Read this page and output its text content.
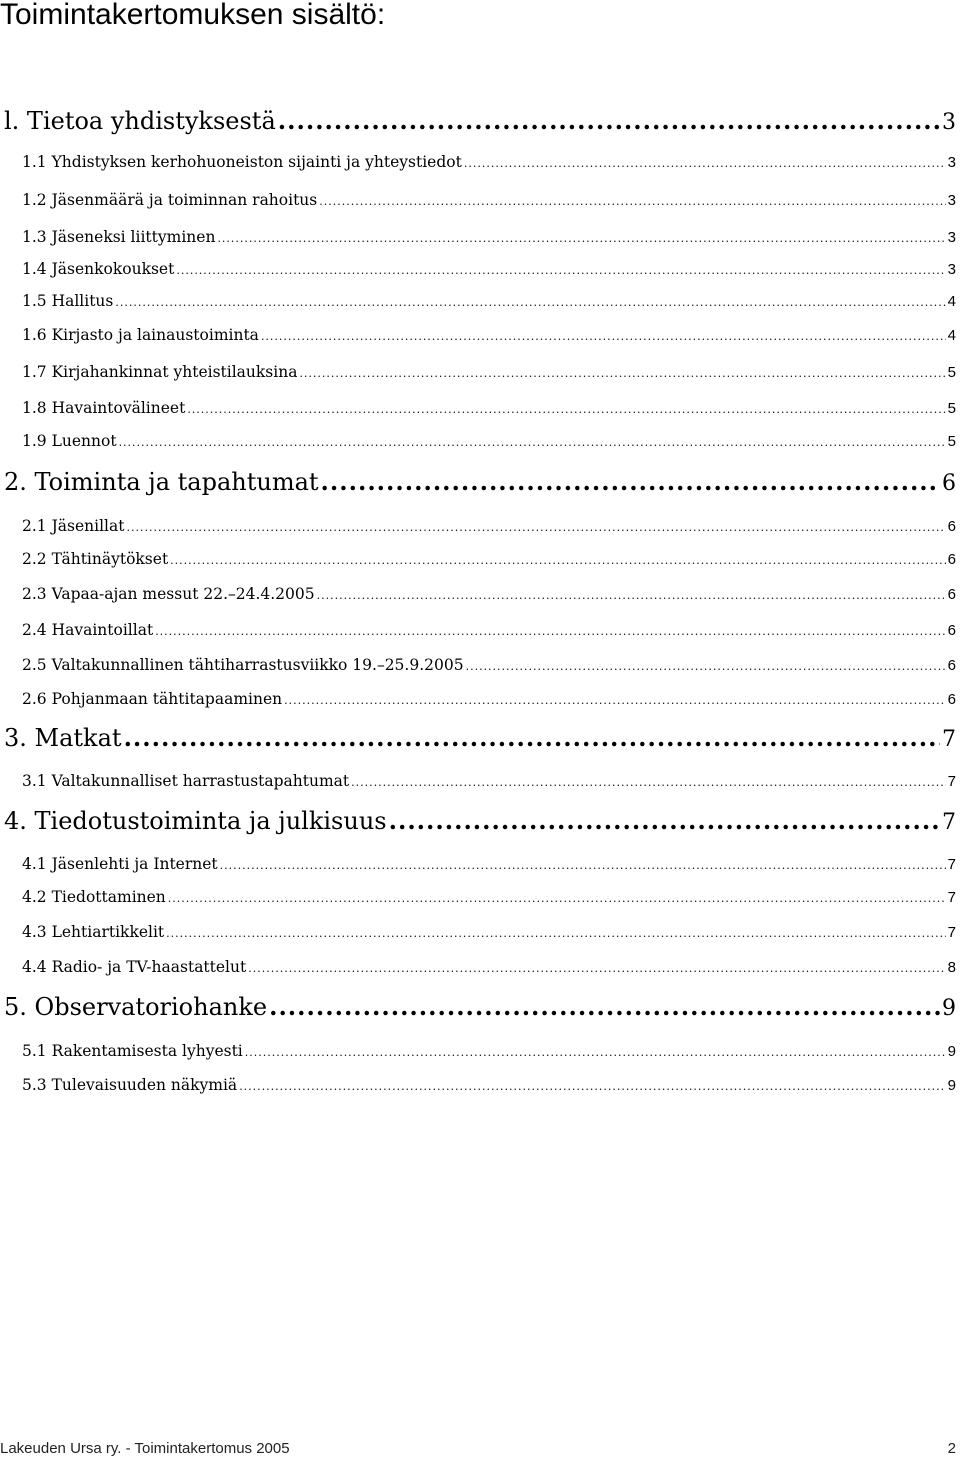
Toimintakertomuksen sisältö:
l. Tietoa yhdistyksestä .....	3
1.1 Yhdistyksen kerhohuoneiston sijainti ja yhteystiedot .....	3
1.2 Jäsenmäärä ja toiminnan rahoitus .....	3
1.3 Jäseneksi liittyminen .....	3
1.4 Jäsenkokoukset .....	3
1.5 Hallitus .....	4
1.6 Kirjasto ja lainaustoiminta .....	4
1.7 Kirjahankinnat yhteistilauksina .....	5
1.8 Havaintovälineet .....	5
1.9 Luennot .....	5
2. Toiminta ja tapahtumat .....	6
2.1 Jäsenillat .....	6
2.2 Tähtinäytökset .....	6
2.3 Vapaa-ajan messut 22.–24.4.2005 .....	6
2.4 Havaintoillat .....	6
2.5 Valtakunnallinen tähtiharrastusviikko 19.–25.9.2005 .....	6
2.6 Pohjanmaan tähtitapaaminen .....	6
3. Matkat .....	7
3.1 Valtakunnalliset harrastustapahtumat .....	7
4. Tiedotustoiminta ja julkisuus .....	7
4.1 Jäsenlehti ja Internet .....	7
4.2 Tiedottaminen .....	7
4.3 Lehtiartikkelit .....	7
4.4 Radio- ja TV-haastattelut .....	8
5. Observatoriohanke .....	9
5.1 Rakentamisesta lyhyesti .....	9
5.3 Tulevaisuuden näkymiä .....	9
Lakeuden Ursa ry. - Toimintakertomus 2005	2
